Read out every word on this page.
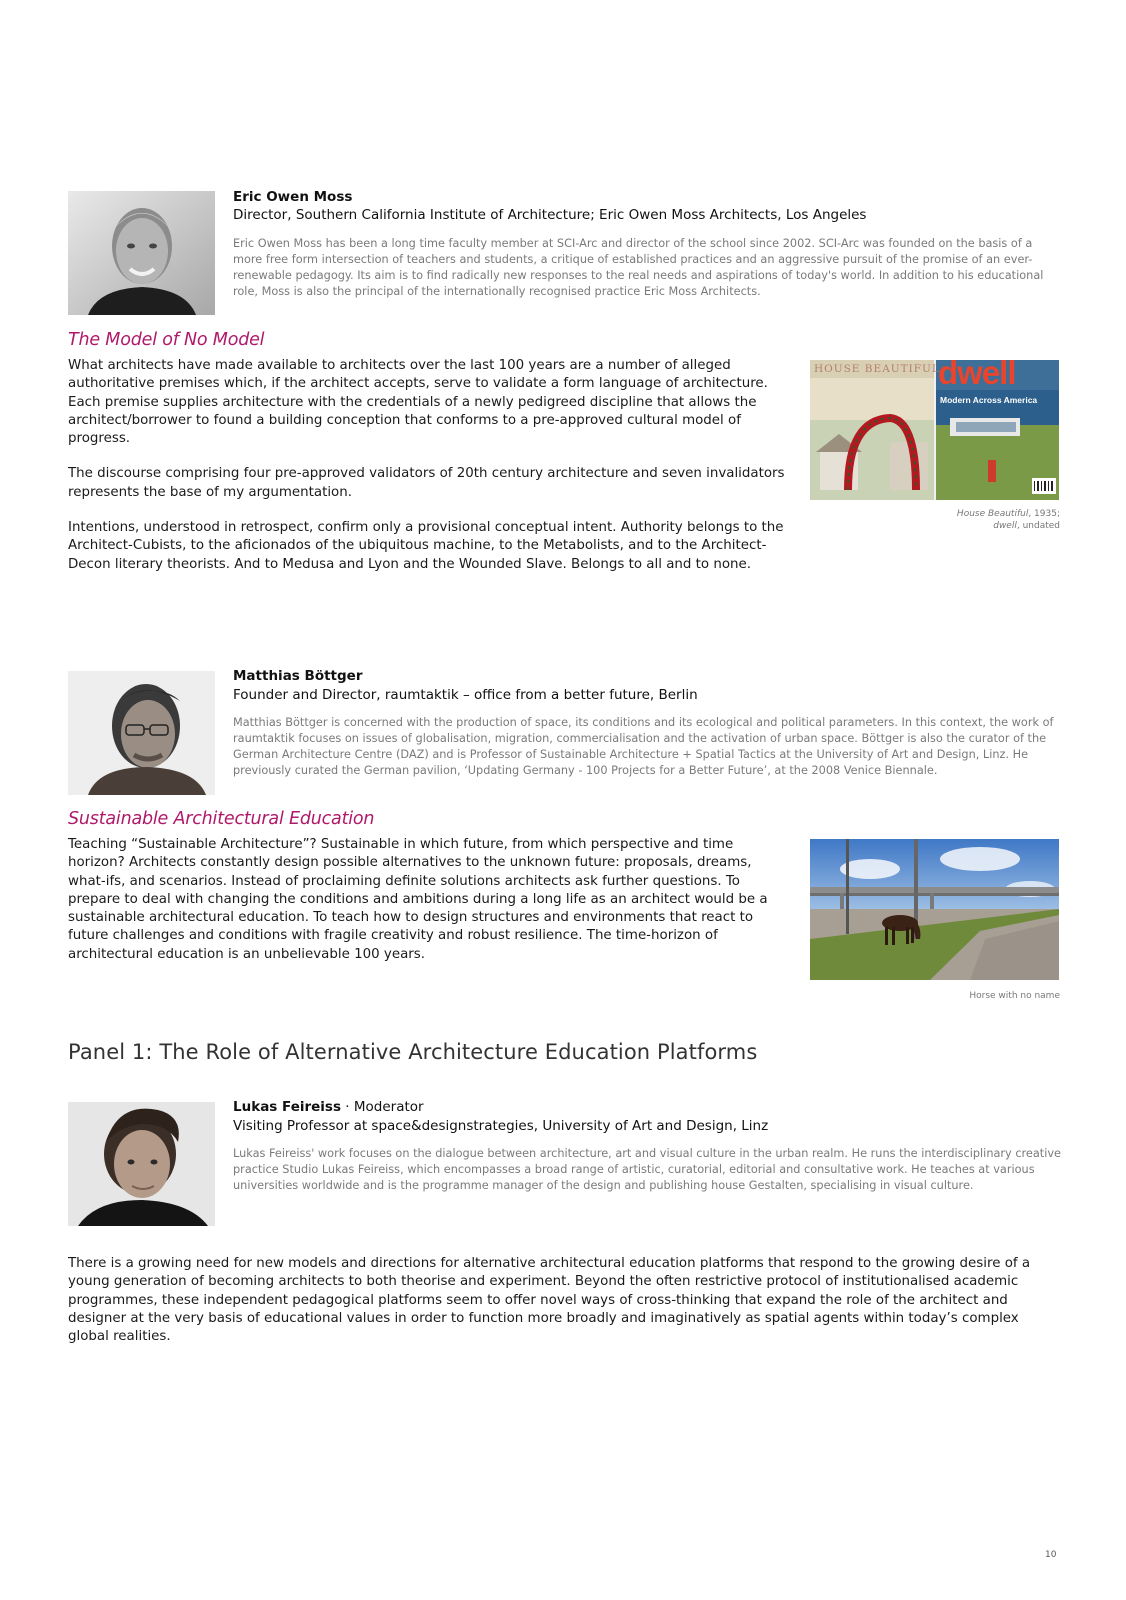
Eric Owen Moss
Director, Southern California Institute of Architecture; Eric Owen Moss Architects, Los Angeles
Eric Owen Moss has been a long time faculty member at SCI-Arc and director of the school since 2002. SCI-Arc was founded on the basis of a more free form intersection of teachers and students, a critique of established practices and an aggressive pursuit of the promise of an ever-renewable pedagogy. Its aim is to find radically new responses to the real needs and aspirations of today's world. In addition to his educational role, Moss is also the principal of the internationally recognised practice Eric Moss Architects.
The Model of No Model

What architects have made available to architects over the last 100 years are a number of alleged authoritative premises which, if the architect accepts, serve to validate a form language of architecture. Each premise supplies architecture with the credentials of a newly pedigreed discipline that allows the architect/borrower to found a building conception that conforms to a pre-approved cultural model of progress.

The discourse comprising four pre-approved validators of 20th century architecture and seven invalidators represents the base of my argumentation.

Intentions, understood in retrospect, confirm only a provisional conceptual intent. Authority belongs to the Architect-Cubists, to the aficionados of the ubiquitous machine, to the Metabolists, and to the Architect-Decon literary theorists. And to Medusa and Lyon and the Wounded Slave. Belongs to all and to none.

HOUSE BEAUTIFUL
dwell
Modern Across America
House Beautiful, 1935;
dwell, undated
Matthias Böttger
Founder and Director, raumtaktik – office from a better future, Berlin
Matthias Böttger is concerned with the production of space, its conditions and its ecological and political parameters. In this context, the work of raumtaktik focuses on issues of globalisation, migration, commercialisation and the activation of urban space. Böttger is also the curator of the German Architecture Centre (DAZ) and is Professor of Sustainable Architecture + Spatial Tactics at the University of Art and Design, Linz. He previously curated the German pavilion, ‘Updating Germany - 100 Projects for a Better Future’, at the 2008 Venice Biennale.
Sustainable Architectural Education

Teaching “Sustainable Architecture”? Sustainable in which future, from which perspective and time horizon? Architects constantly design possible alternatives to the unknown future: proposals, dreams, what-ifs, and scenarios. Instead of proclaiming definite solutions architects ask further questions. To prepare to deal with changing the conditions and ambitions during a long life as an architect would be a sustainable architectural education. To teach how to design structures and environments that react to future challenges and conditions with fragile creativity and robust resilience. The time-horizon of architectural education is an unbelievable 100 years.

Horse with no name
Panel 1: The Role of Alternative Architecture Education Platforms
Lukas Feireiss · Moderator
Visiting Professor at space&designstrategies, University of Art and Design, Linz
Lukas Feireiss' work focuses on the dialogue between architecture, art and visual culture in the urban realm. He runs the interdisciplinary creative practice Studio Lukas Feireiss, which encompasses a broad range of artistic, curatorial, editorial and consultative work. He teaches at various universities worldwide and is the programme manager of the design and publishing house Gestalten, specialising in visual culture.
There is a growing need for new models and directions for alternative architectural education platforms that respond to the growing desire of a young generation of becoming architects to both theorise and experiment. Beyond the often restrictive protocol of institutionalised academic programmes, these independent pedagogical platforms seem to offer novel ways of cross-thinking that expand the role of the architect and designer at the very basis of educational values in order to function more broadly and imaginatively as spatial agents within today’s complex global realities.
10
